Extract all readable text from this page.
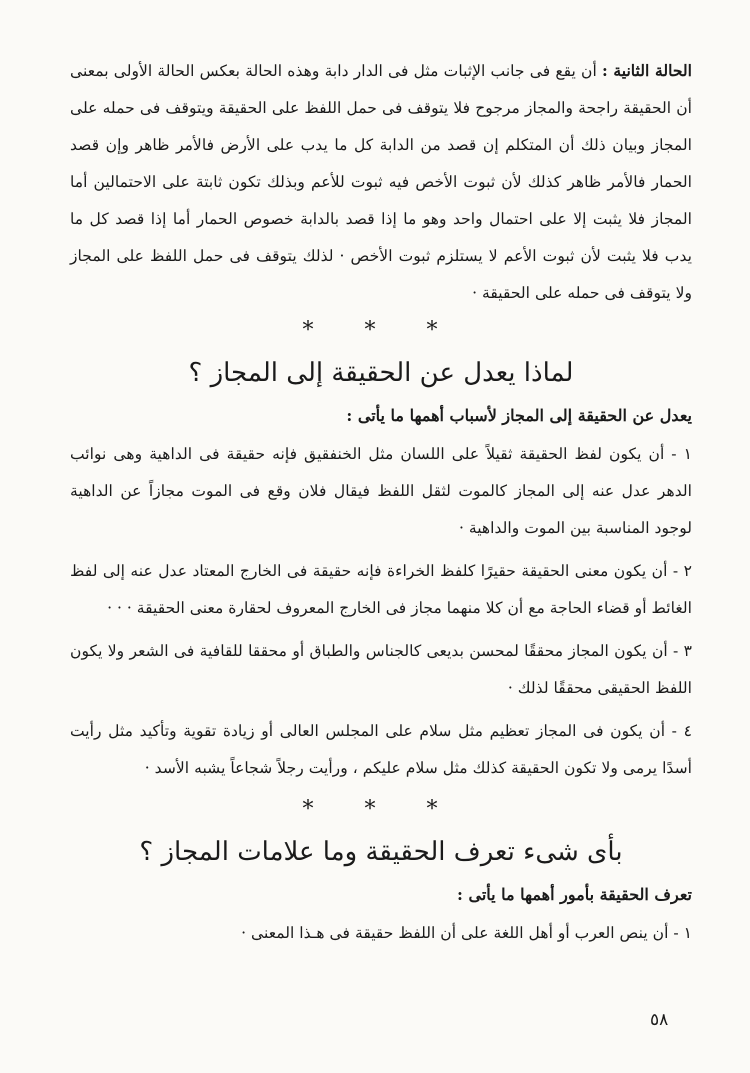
الحالة الثانية : أن يقع فى جانب الإثبات مثل فى الدار دابة وهذه الحالة بعكس الحالة الأولى بمعنى أن الحقيقة راجحة والمجاز مرجوح فلا يتوقف فى حمل اللفظ على الحقيقة ويتوقف فى حمله على المجاز وبيان ذلك أن المتكلم إن قصد من الدابة كل ما يدب على الأرض فالأمر ظاهر وإن قصد الحمار فالأمر ظاهر كذلك لأن ثبوت الأخص فيه ثبوت للأعم وبذلك تكون ثابتة على الاحتمالين أما المجاز فلا يثبت إلا على احتمال واحد وهو ما إذا قصد بالدابة خصوص الحمار أما إذا قصد كل ما يدب فلا يثبت لأن ثبوت الأعم لا يستلزم ثبوت الأخص · لذلك يتوقف فى حمل اللفظ على المجاز ولا يتوقف فى حمله على الحقيقة ·

* * *
لماذا يعدل عن الحقيقة إلى المجاز ؟

يعدل عن الحقيقة إلى المجاز لأسباب أهمها ما يأتى :

١ - أن يكون لفظ الحقيقة ثقيلاً على اللسان مثل الخنفقيق فإنه حقيقة فى الداهية وهى نوائب الدهر عدل عنه إلى المجاز كالموت لثقل اللفظ فيقال فلان وقع فى الموت مجازاً عن الداهية لوجود المناسبة بين الموت والداهية ·

٢ - أن يكون معنى الحقيقة حقيرًا كلفظ الخراءة فإنه حقيقة فى الخارج المعتاد عدل عنه إلى لفظ الغائط أو قضاء الحاجة مع أن كلا منهما مجاز فى الخارج المعروف لحقارة معنى الحقيقة · · ·

٣ - أن يكون المجاز محققًا لمحسن بديعى كالجناس والطباق أو محققا للقافية فى الشعر ولا يكون اللفظ الحقيقى محققًا لذلك ·

٤ - أن يكون فى المجاز تعظيم مثل سلام على المجلس العالى أو زيادة تقوية وتأكيد مثل رأيت أسدًا يرمى ولا تكون الحقيقة كذلك مثل سلام عليكم ، ورأيت رجلاً شجاعاً يشبه الأسد ·

* * *
بأى شىء تعرف الحقيقة وما علامات المجاز ؟

تعرف الحقيقة بأمور أهمها ما يأتى :

١ - أن ينص العرب أو أهل اللغة على أن اللفظ حقيقة فى هـذا المعنى ·

٥٨
